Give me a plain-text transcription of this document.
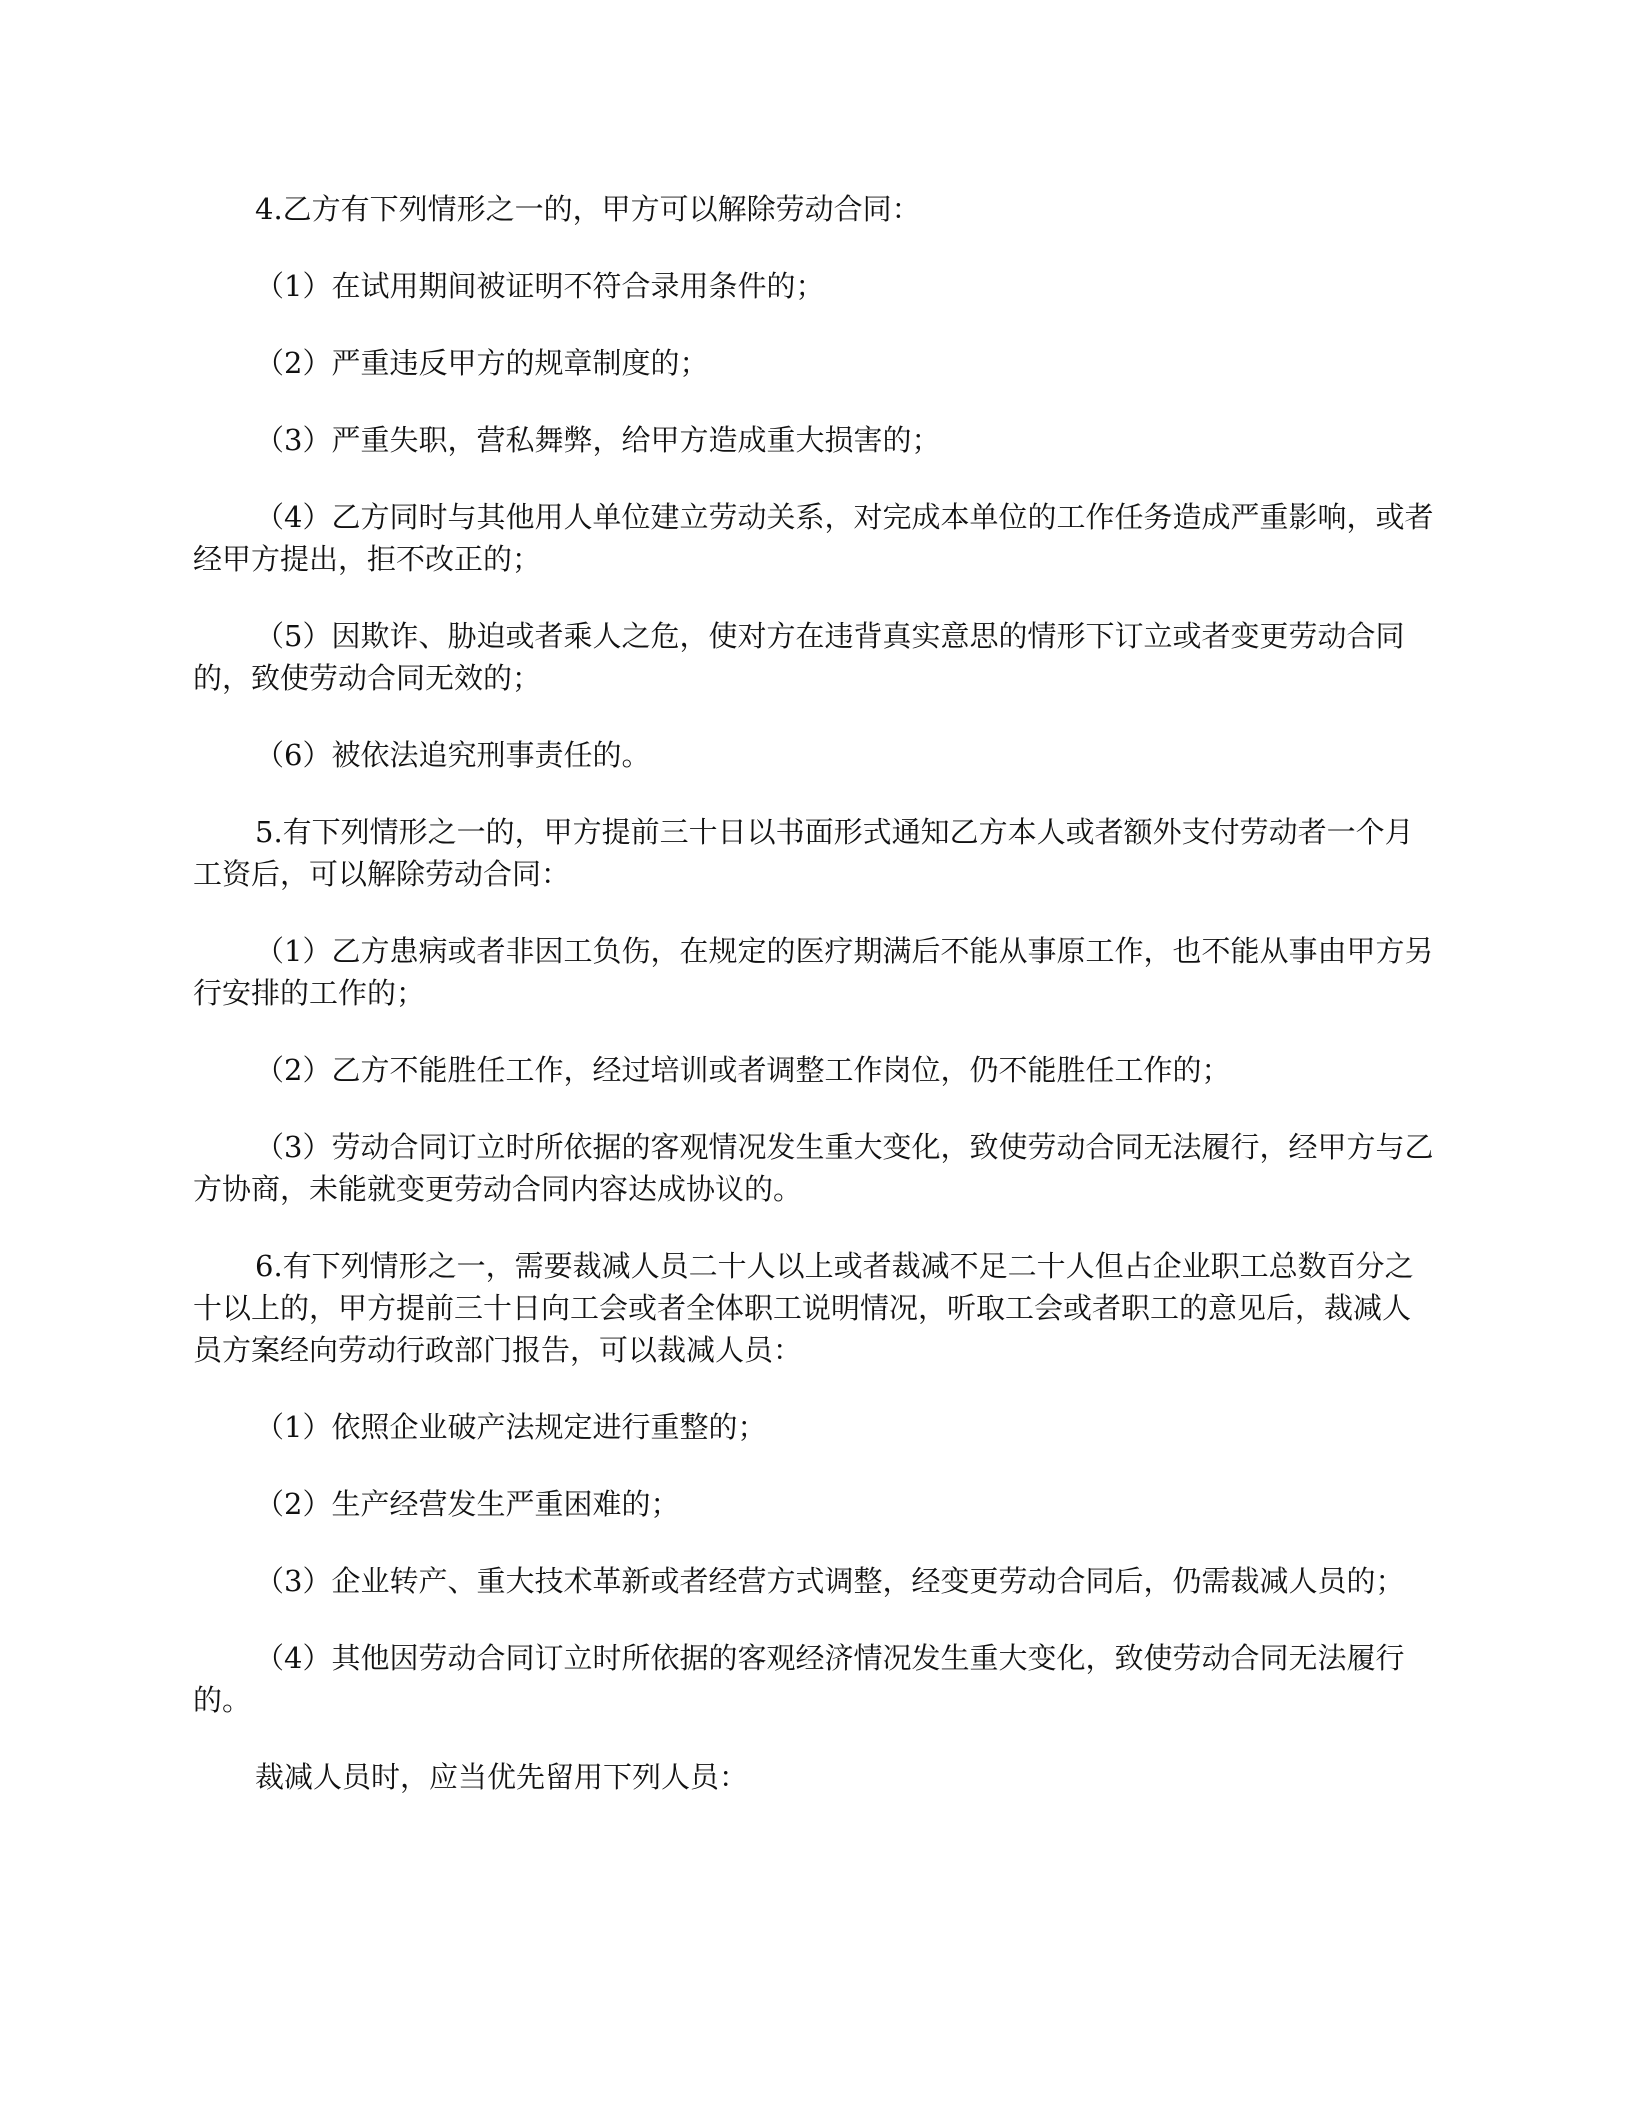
4.乙方有下列情形之一的，甲方可以解除劳动合同：

（1）在试用期间被证明不符合录用条件的；

（2）严重违反甲方的规章制度的；

（3）严重失职，营私舞弊，给甲方造成重大损害的；

（4）乙方同时与其他用人单位建立劳动关系，对完成本单位的工作任务造成严重影响，或者经甲方提出，拒不改正的；

（5）因欺诈、胁迫或者乘人之危，使对方在违背真实意思的情形下订立或者变更劳动合同的，致使劳动合同无效的；

（6）被依法追究刑事责任的。

5.有下列情形之一的，甲方提前三十日以书面形式通知乙方本人或者额外支付劳动者一个月工资后，可以解除劳动合同：

（1）乙方患病或者非因工负伤，在规定的医疗期满后不能从事原工作，也不能从事由甲方另行安排的工作的；

（2）乙方不能胜任工作，经过培训或者调整工作岗位，仍不能胜任工作的；

（3）劳动合同订立时所依据的客观情况发生重大变化，致使劳动合同无法履行，经甲方与乙方协商，未能就变更劳动合同内容达成协议的。

6.有下列情形之一，需要裁减人员二十人以上或者裁减不足二十人但占企业职工总数百分之十以上的，甲方提前三十日向工会或者全体职工说明情况，听取工会或者职工的意见后，裁减人员方案经向劳动行政部门报告，可以裁减人员：

（1）依照企业破产法规定进行重整的；

（2）生产经营发生严重困难的；

（3）企业转产、重大技术革新或者经营方式调整，经变更劳动合同后，仍需裁减人员的；

（4）其他因劳动合同订立时所依据的客观经济情况发生重大变化，致使劳动合同无法履行的。

裁减人员时，应当优先留用下列人员：
